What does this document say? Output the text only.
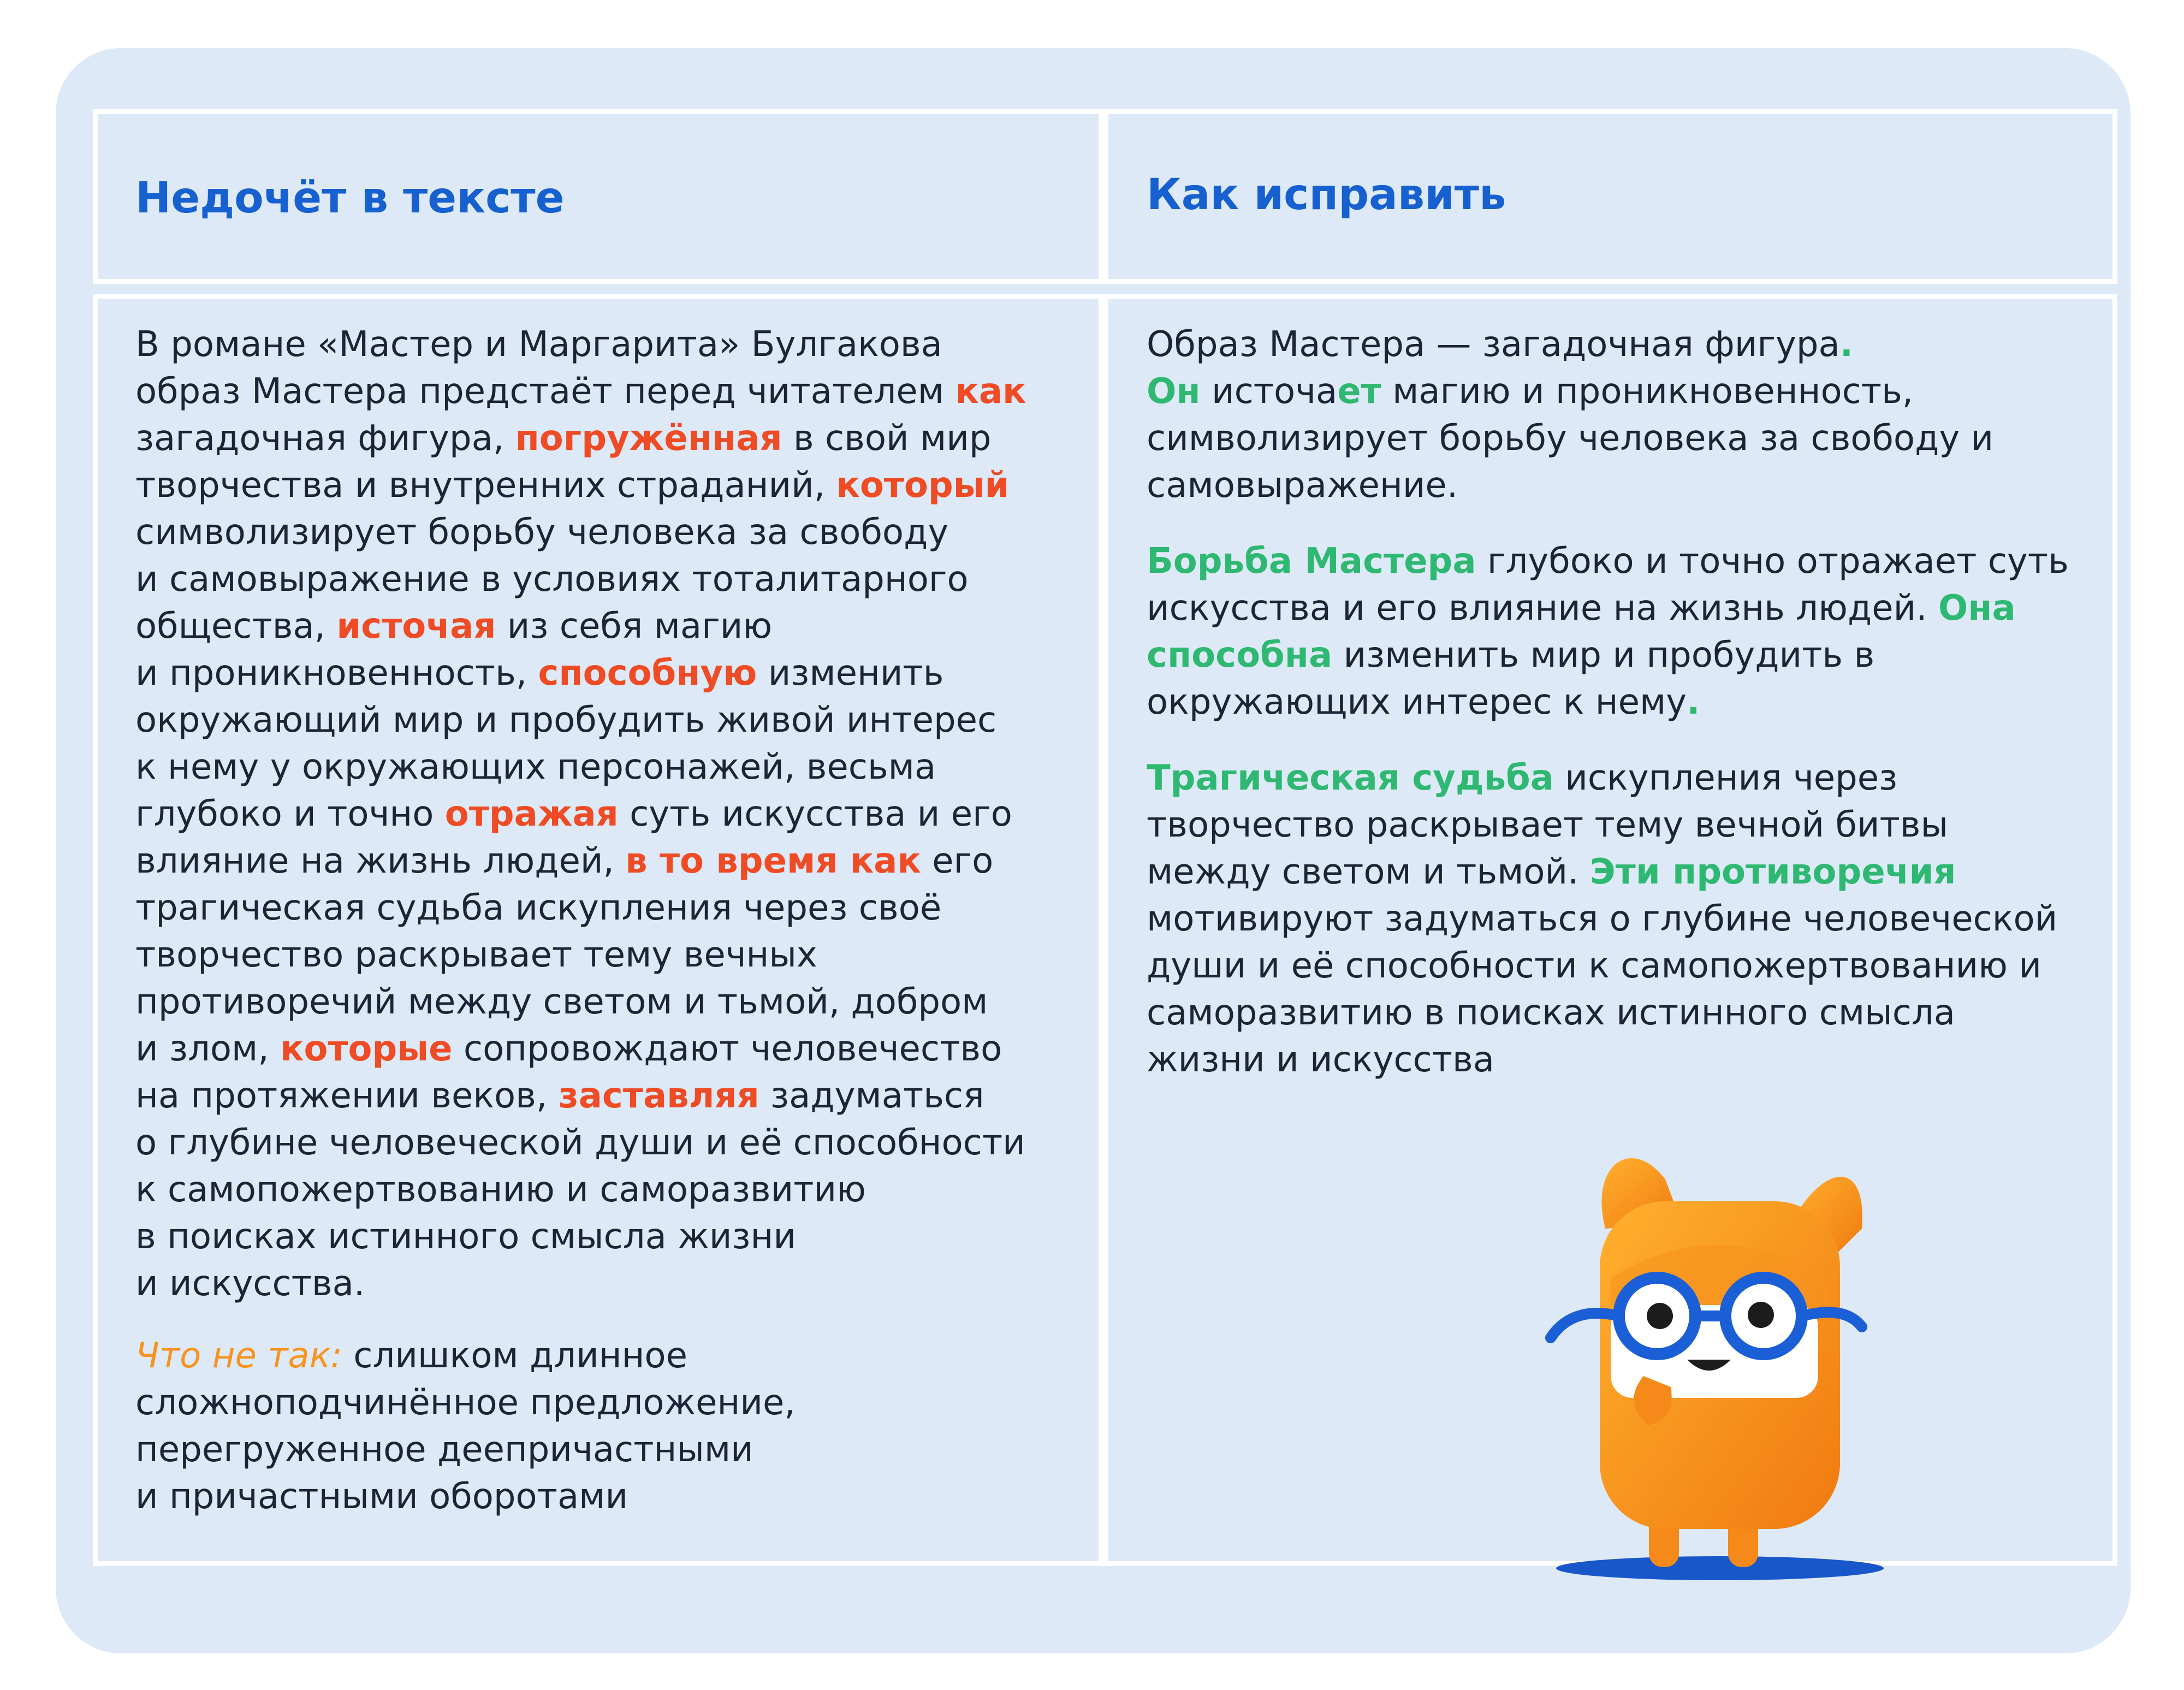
Недочёт в тексте	Как исправить
В романе «Мастер и Маргарита» Булгакова
образ Мастера предстаёт перед читателем как
загадочная фигура, погружённая в свой мир
творчества и внутренних страданий, который
символизирует борьбу человека за свободу
и самовыражение в условиях тоталитарного
общества, источая из себя магию
и проникновенность, способную изменить
окружающий мир и пробудить живой интерес
к нему у окружающих персонажей, весьма
глубоко и точно отражая суть искусства и его
влияние на жизнь людей, в то время как его
трагическая судьба искупления через своё
творчество раскрывает тему вечных
противоречий между светом и тьмой, добром
и злом, которые сопровождают человечество
на протяжении веков, заставляя задуматься
о глубине человеческой души и её способности
к самопожертвованию и саморазвитию
в поисках истинного смысла жизни
и искусства.
Что не так: слишком длинное
сложноподчинённое предложение,
перегруженное деепричастными
и причастными оборотами
Образ Мастера — загадочная фигура.
Он источает магию и проникновенность,
символизирует борьбу человека за свободу и
самовыражение.
Борьба Мастера глубоко и точно отражает суть
искусства и его влияние на жизнь людей. Она
способна изменить мир и пробудить в
окружающих интерес к нему.
Трагическая судьба искупления через
творчество раскрывает тему вечной битвы
между светом и тьмой. Эти противоречия
мотивируют задуматься о глубине человеческой
души и её способности к самопожертвованию и
саморазвитию в поисках истинного смысла
жизни и искусства
